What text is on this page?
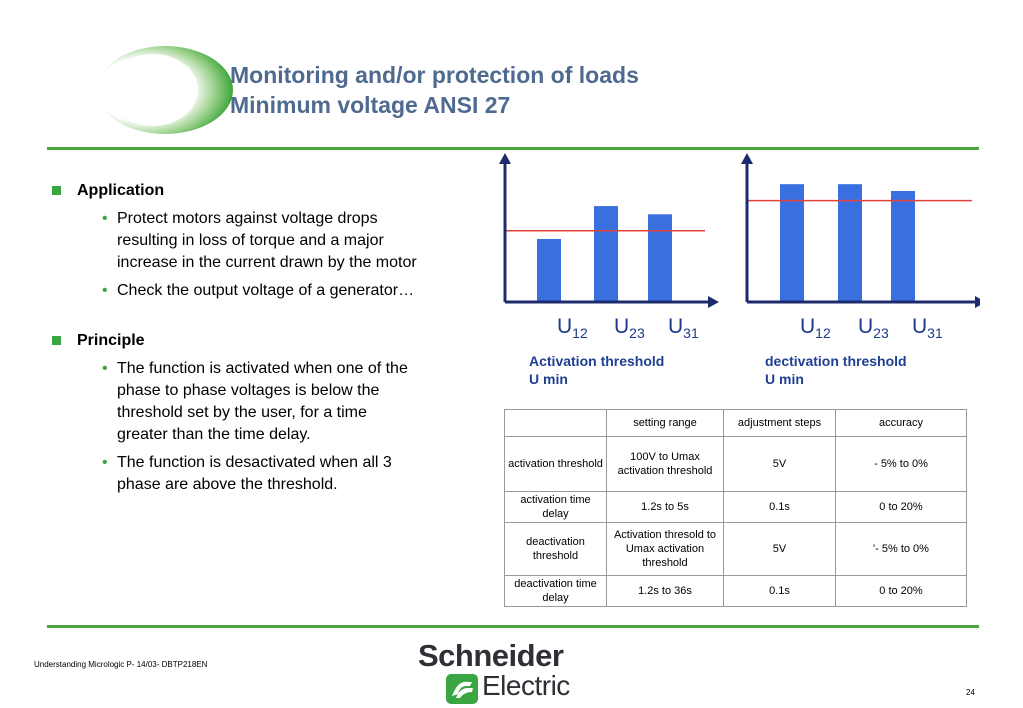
Monitoring and/or protection of loads
Minimum voltage ANSI 27
Application
• Protect motors against voltage drops resulting in loss of torque and a major increase in the current drawn by the motor
• Check the output voltage of a generator…
Principle
• The function is activated when one of the phase to phase voltages is below the threshold set by the user, for a time greater than the time delay.
• The function is desactivated when all 3 phase are above the threshold.
$U_{12}$ $U_{23}$ $U_{31}$	$U_{12}$ $U_{23}$ $U_{31}$
Activation threshold
U min
dectivation threshold
U min
	setting range	adjustment steps	accuracy
activation threshold	100V to Umax activation threshold	5V	- 5% to 0%
activation time delay	1.2s to 5s	0.1s	0 to 20%
deactivation threshold	Activation thresold to Umax activation threshold	5V	'- 5% to 0%
deactivation time delay	1.2s to 36s	0.1s	0 to 20%
Understanding Micrologic P- 14/03- DBTP218EN	Schneider
Electric	24
